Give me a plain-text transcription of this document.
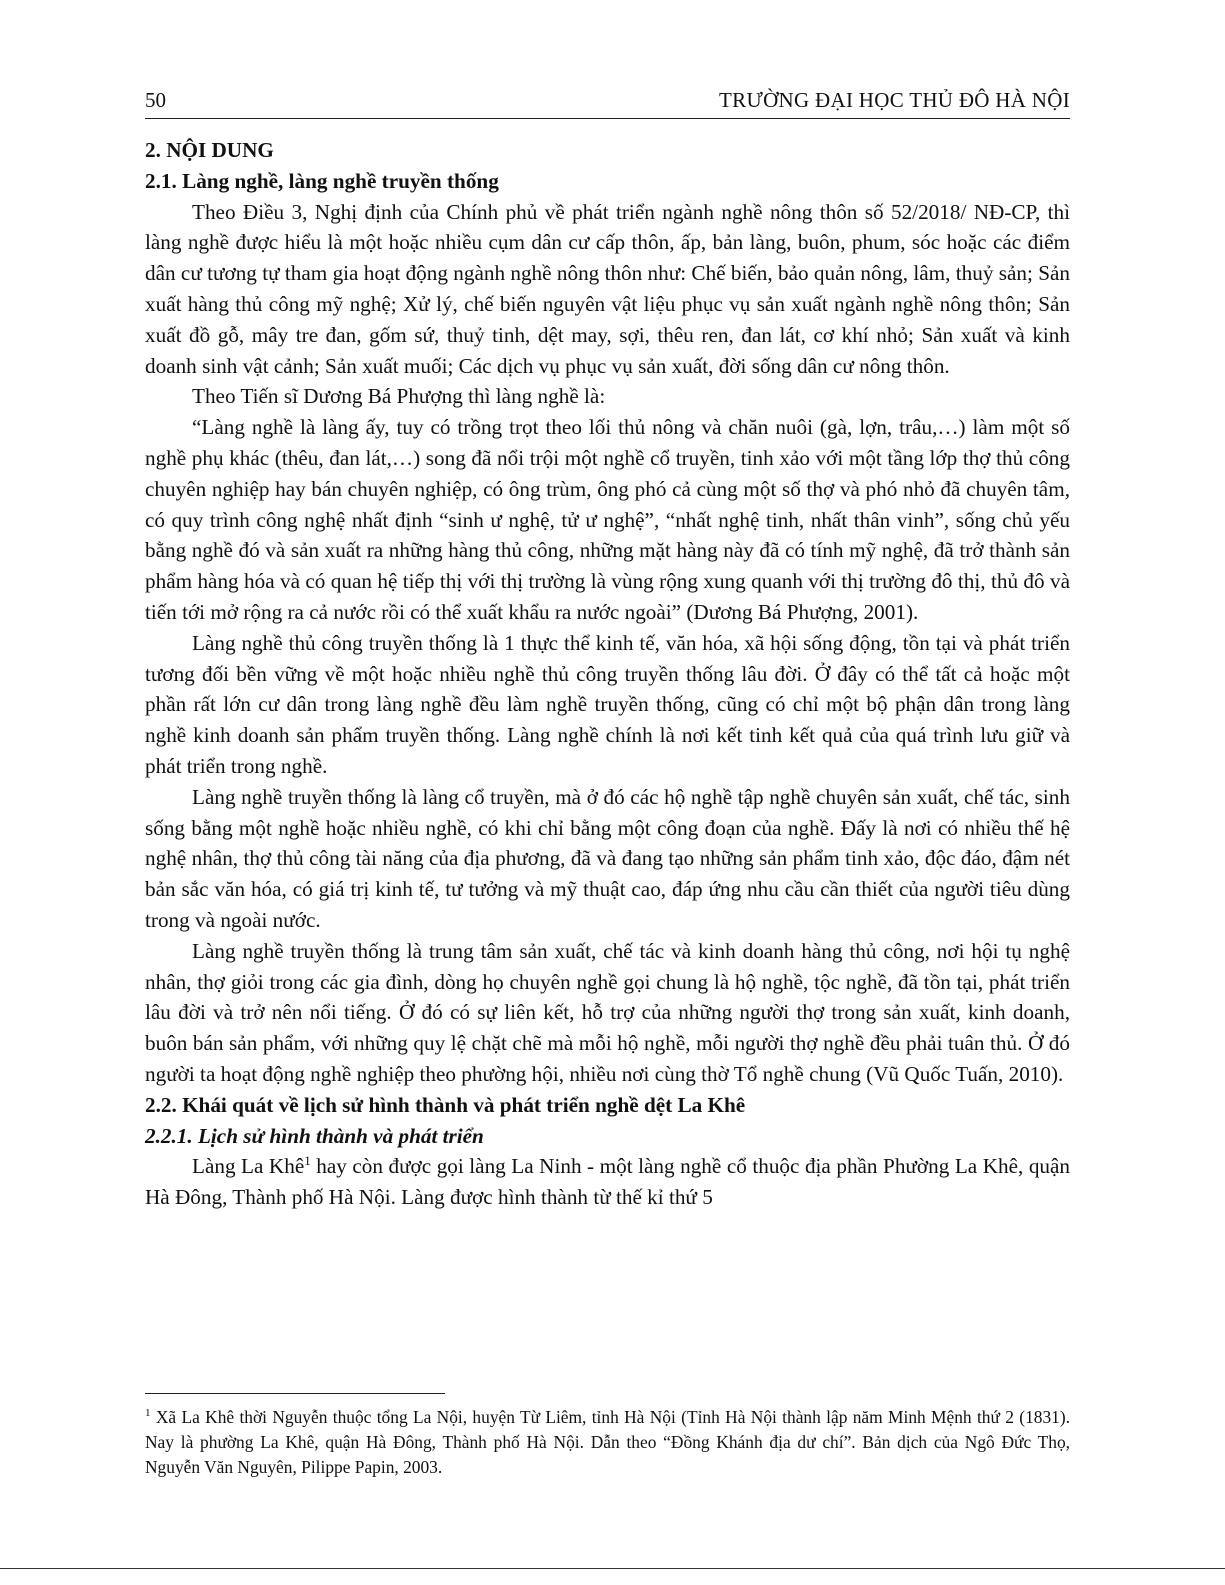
50	TRƯỜNG ĐẠI HỌC THỦ ĐÔ HÀ NỘI
2. NỘI DUNG
2.1. Làng nghề, làng nghề truyền thống

Theo Điều 3, Nghị định của Chính phủ về phát triển ngành nghề nông thôn số 52/2018/ NĐ-CP, thì làng nghề được hiểu là một hoặc nhiều cụm dân cư cấp thôn, ấp, bản làng, buôn, phum, sóc hoặc các điểm dân cư tương tự tham gia hoạt động ngành nghề nông thôn như: Chế biến, bảo quản nông, lâm, thuỷ sản; Sản xuất hàng thủ công mỹ nghệ; Xử lý, chế biến nguyên vật liệu phục vụ sản xuất ngành nghề nông thôn; Sản xuất đồ gỗ, mây tre đan, gốm sứ, thuỷ tinh, dệt may, sợi, thêu ren, đan lát, cơ khí nhỏ; Sản xuất và kinh doanh sinh vật cảnh; Sản xuất muối; Các dịch vụ phục vụ sản xuất, đời sống dân cư nông thôn.

Theo Tiến sĩ Dương Bá Phượng thì làng nghề là:

“Làng nghề là làng ấy, tuy có trồng trọt theo lối thủ nông và chăn nuôi (gà, lợn, trâu,…) làm một số nghề phụ khác (thêu, đan lát,…) song đã nổi trội một nghề cổ truyền, tinh xảo với một tầng lớp thợ thủ công chuyên nghiệp hay bán chuyên nghiệp, có ông trùm, ông phó cả cùng một số thợ và phó nhỏ đã chuyên tâm, có quy trình công nghệ nhất định “sinh ư nghệ, tử ư nghệ”, “nhất nghệ tinh, nhất thân vinh”, sống chủ yếu bằng nghề đó và sản xuất ra những hàng thủ công, những mặt hàng này đã có tính mỹ nghệ, đã trở thành sản phẩm hàng hóa và có quan hệ tiếp thị với thị trường là vùng rộng xung quanh với thị trường đô thị, thủ đô và tiến tới mở rộng ra cả nước rồi có thể xuất khẩu ra nước ngoài” (Dương Bá Phượng, 2001).

Làng nghề thủ công truyền thống là 1 thực thể kinh tế, văn hóa, xã hội sống động, tồn tại và phát triển tương đối bền vững về một hoặc nhiều nghề thủ công truyền thống lâu đời. Ở đây có thể tất cả hoặc một phần rất lớn cư dân trong làng nghề đều làm nghề truyền thống, cũng có chỉ một bộ phận dân trong làng nghề kinh doanh sản phẩm truyền thống. Làng nghề chính là nơi kết tinh kết quả của quá trình lưu giữ và phát triển trong nghề.

Làng nghề truyền thống là làng cổ truyền, mà ở đó các hộ nghề tập nghề chuyên sản xuất, chế tác, sinh sống bằng một nghề hoặc nhiều nghề, có khi chỉ bằng một công đoạn của nghề. Đấy là nơi có nhiều thế hệ nghệ nhân, thợ thủ công tài năng của địa phương, đã và đang tạo những sản phẩm tinh xảo, độc đáo, đậm nét bản sắc văn hóa, có giá trị kinh tế, tư tưởng và mỹ thuật cao, đáp ứng nhu cầu cần thiết của người tiêu dùng trong và ngoài nước.

Làng nghề truyền thống là trung tâm sản xuất, chế tác và kinh doanh hàng thủ công, nơi hội tụ nghệ nhân, thợ giỏi trong các gia đình, dòng họ chuyên nghề gọi chung là hộ nghề, tộc nghề, đã tồn tại, phát triển lâu đời và trở nên nổi tiếng. Ở đó có sự liên kết, hỗ trợ của những người thợ trong sản xuất, kinh doanh, buôn bán sản phẩm, với những quy lệ chặt chẽ mà mỗi hộ nghề, mỗi người thợ nghề đều phải tuân thủ. Ở đó người ta hoạt động nghề nghiệp theo phường hội, nhiều nơi cùng thờ Tổ nghề chung (Vũ Quốc Tuấn, 2010).

2.2. Khái quát về lịch sử hình thành và phát triển nghề dệt La Khê
2.2.1. Lịch sử hình thành và phát triển

Làng La Khê$^1$ hay còn được gọi làng La Ninh - một làng nghề cổ thuộc địa phần Phường La Khê, quận Hà Đông, Thành phố Hà Nội. Làng được hình thành từ thế kỉ thứ 5

$^1$ Xã La Khê thời Nguyễn thuộc tổng La Nội, huyện Từ Liêm, tỉnh Hà Nội (Tỉnh Hà Nội thành lập năm Minh Mệnh thứ 2 (1831). Nay là phường La Khê, quận Hà Đông, Thành phố Hà Nội. Dẫn theo “Đồng Khánh địa dư chí”. Bản dịch của Ngô Đức Thọ, Nguyễn Văn Nguyên, Pilippe Papin, 2003.
